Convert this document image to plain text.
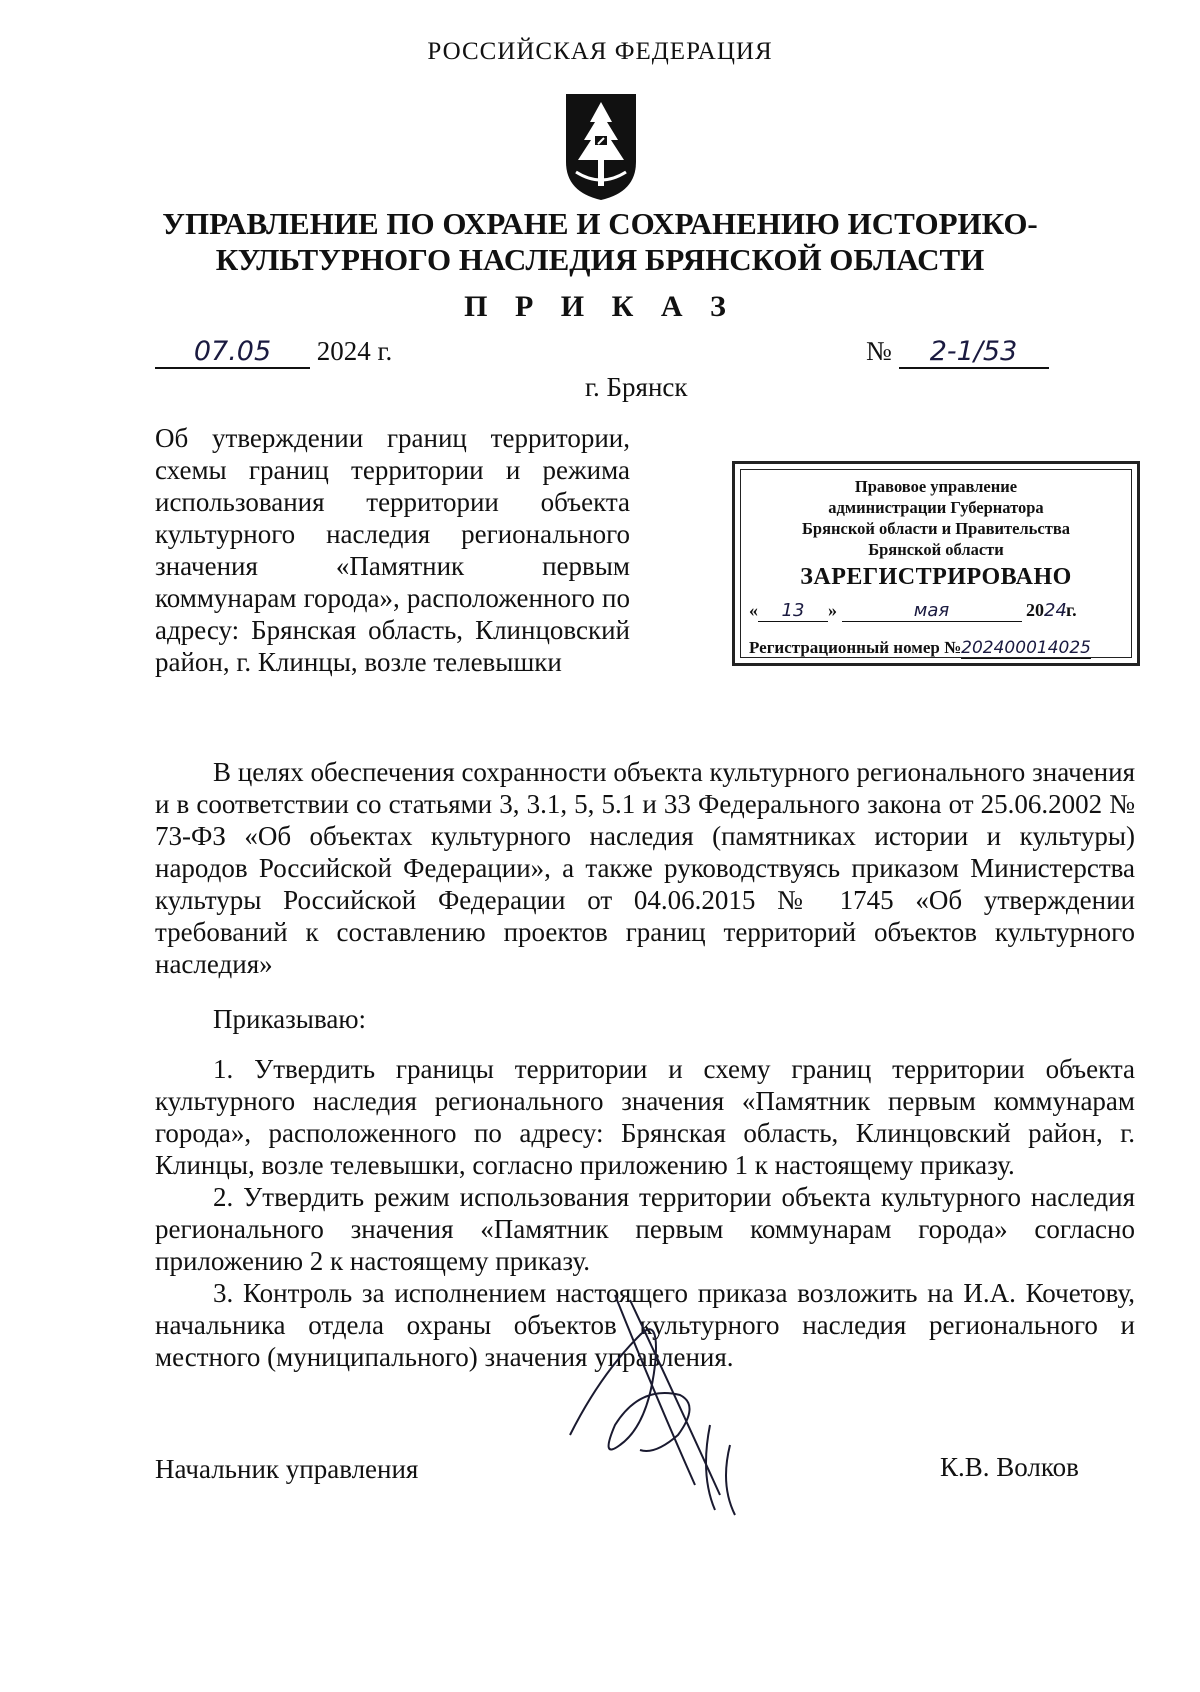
РОССИЙСКАЯ ФЕДЕРАЦИЯ
УПРАВЛЕНИЕ ПО ОХРАНЕ И СОХРАНЕНИЮ ИСТОРИКО-
КУЛЬТУРНОГО НАСЛЕДИЯ БРЯНСКОЙ ОБЛАСТИ
П Р И К А З
07.05 2024 г.	№ 2-1/53
г. Брянск
Об утверждении границ территории, схемы границ территории и режима использования территории объекта культурного наследия регионального значения «Памятник первым коммунарам города», расположенного по адресу: Брянская область, Клинцовский район, г. Клинцы, возле телевышки
Правовое управление
администрации Губернатора
Брянской области и Правительства
Брянской области
ЗАРЕГИСТРИРОВАНО
« 13 »	мая	2024г.
Регистрационный номер №202400014025
В целях обеспечения сохранности объекта культурного регионального значения и в соответствии со статьями 3, 3.1, 5, 5.1 и 33 Федерального закона от 25.06.2002 № 73-ФЗ «Об объектах культурного наследия (памятниках истории и культуры) народов Российской Федерации», а также руководствуясь приказом Министерства культуры Российской Федерации от 04.06.2015 № 1745 «Об утверждении требований к составлению проектов границ территорий объектов культурного наследия»
Приказываю:

1. Утвердить границы территории и схему границ территории объекта культурного наследия регионального значения «Памятник первым коммунарам города», расположенного по адресу: Брянская область, Клинцовский район, г. Клинцы, возле телевышки, согласно приложению 1 к настоящему приказу.

2. Утвердить режим использования территории объекта культурного наследия регионального значения «Памятник первым коммунарам города» согласно приложению 2 к настоящему приказу.

3. Контроль за исполнением настоящего приказа возложить на И.А. Кочетову, начальника отдела охраны объектов культурного наследия регионального и местного (муниципального) значения управления.

Начальник управления	К.В. Волков
